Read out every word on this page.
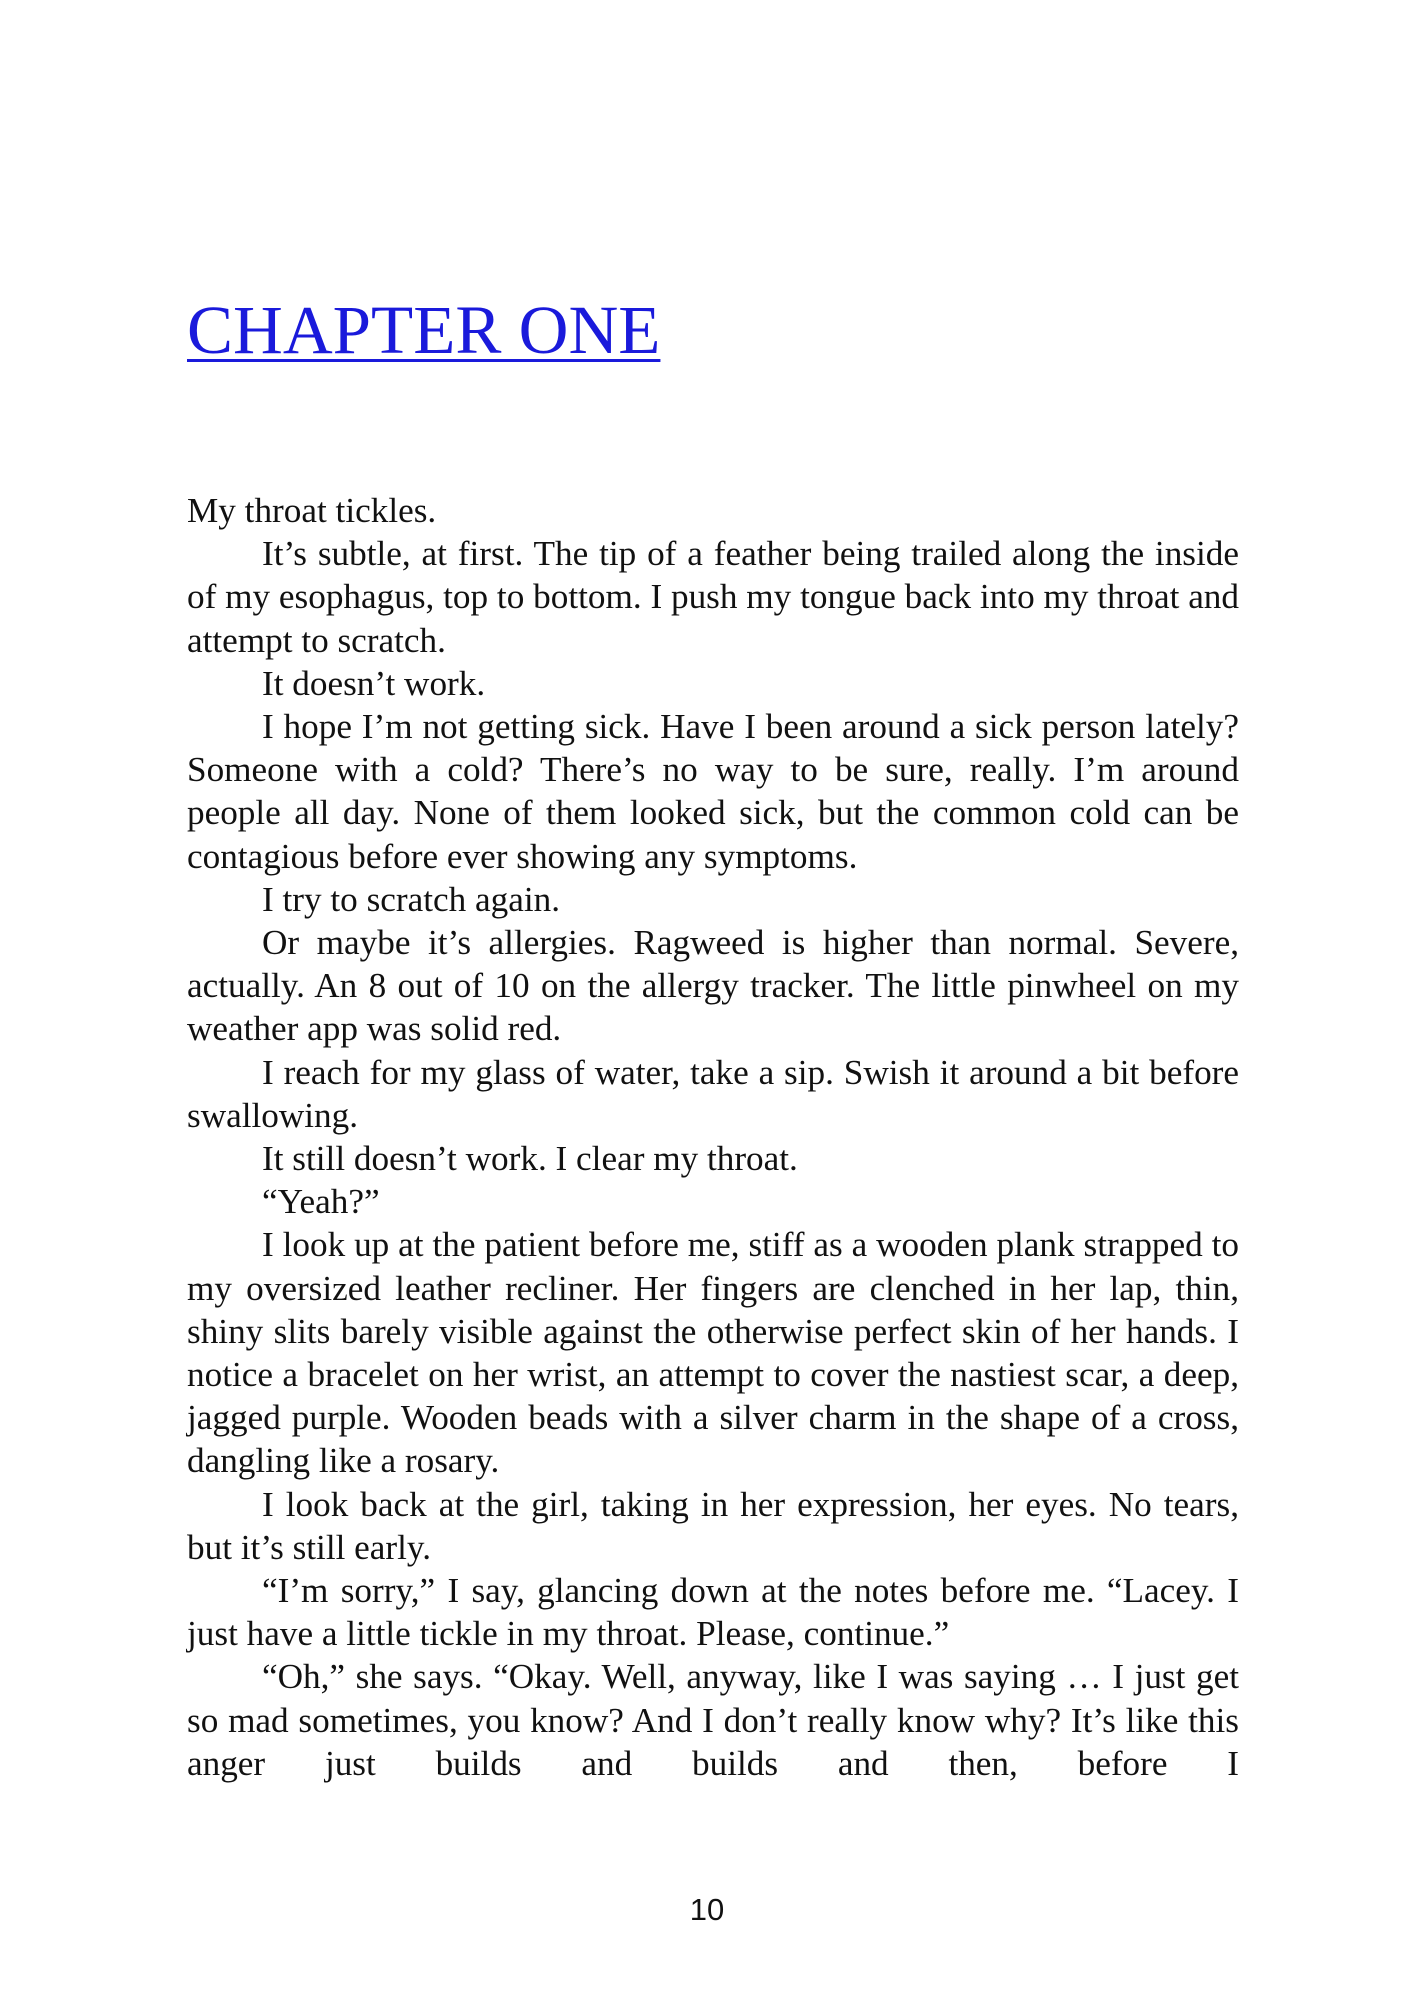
CHAPTER ONE

My throat tickles.

It’s subtle, at first. The tip of a feather being trailed along the inside of my esophagus, top to bottom. I push my tongue back into my throat and attempt to scratch.

It doesn’t work.

I hope I’m not getting sick. Have I been around a sick person lately? Someone with a cold? There’s no way to be sure, really. I’m around people all day. None of them looked sick, but the common cold can be contagious before ever showing any symptoms.

I try to scratch again.

Or maybe it’s allergies. Ragweed is higher than normal. Severe, actually. An 8 out of 10 on the allergy tracker. The little pinwheel on my weather app was solid red.

I reach for my glass of water, take a sip. Swish it around a bit before swallowing.

It still doesn’t work. I clear my throat.

“Yeah?”

I look up at the patient before me, stiff as a wooden plank strapped to my oversized leather recliner. Her fingers are clenched in her lap, thin, shiny slits barely visible against the otherwise perfect skin of her hands. I notice a bracelet on her wrist, an attempt to cover the nastiest scar, a deep, jagged purple. Wooden beads with a silver charm in the shape of a cross, dangling like a rosary.

I look back at the girl, taking in her expression, her eyes. No tears, but it’s still early.

“I’m sorry,” I say, glancing down at the notes before me. “Lacey. I just have a little tickle in my throat. Please, continue.”

“Oh,” she says. “Okay. Well, anyway, like I was saying … I just get so mad sometimes, you know? And I don’t really know why? It’s like this anger just builds and builds and then, before I

10
